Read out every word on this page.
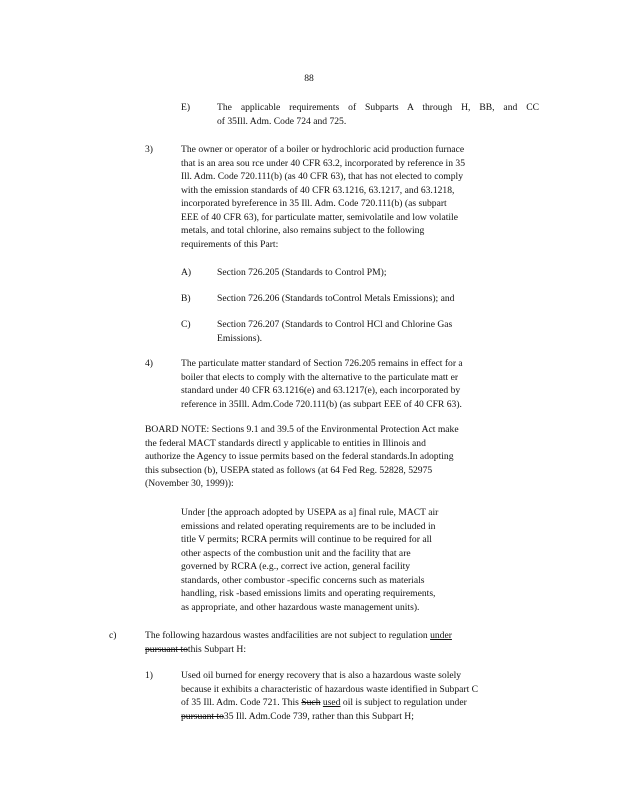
88
E)	The applicable requirements of Subparts A through H, BB, and CC
of 35Ill. Adm. Code 724 and 725.
3)	The owner or operator of a boiler or hydrochloric acid production furnace
that is an area sou rce under 40 CFR 63.2, incorporated by reference in 35
Ill. Adm. Code 720.111(b) (as 40 CFR 63), that has not elected to comply
with the emission standards of 40 CFR 63.1216, 63.1217, and 63.1218,
incorporated byreference in 35 Ill. Adm. Code 720.111(b) (as subpart
EEE of 40 CFR 63), for particulate matter, semivolatile and low volatile
metals, and total chlorine, also remains subject to the following
requirements of this Part:
A)	Section 726.205 (Standards to Control PM);
B)	Section 726.206 (Standards toControl Metals Emissions); and
C)	Section 726.207 (Standards to Control HCl and Chlorine Gas
Emissions).
4)	The particulate matter standard of Section 726.205 remains in effect for a
boiler that elects to comply with the alternative to the particulate matt er
standard under 40 CFR 63.1216(e) and 63.1217(e), each incorporated by
reference in 35Ill. Adm.Code 720.111(b) (as subpart EEE of 40 CFR 63).
BOARD NOTE: Sections 9.1 and 39.5 of the Environmental Protection Act make
the federal MACT standards directl y applicable to entities in Illinois and
authorize the Agency to issue permits based on the federal standards.In adopting
this subsection (b), USEPA stated as follows (at 64 Fed Reg. 52828, 52975
(November 30, 1999)):
Under [the approach adopted by USEPA as a] final rule, MACT air
emissions and related operating requirements are to be included in
title V permits; RCRA permits will continue to be required for all
other aspects of the combustion unit and the facility that are
governed by RCRA (e.g., correct ive action, general facility
standards, other combustor -specific concerns such as materials
handling, risk -based emissions limits and operating requirements,
as appropriate, and other hazardous waste management units).
c)	The following hazardous wastes andfacilities are not subject to regulation under
pursuant tothis Subpart H:
1)	Used oil burned for energy recovery that is also a hazardous waste solely
because it exhibits a characteristic of hazardous waste identified in Subpart C
of 35 Ill. Adm. Code 721. This Such used oil is subject to regulation under
pursuant to35 Ill. Adm.Code 739, rather than this Subpart H;
